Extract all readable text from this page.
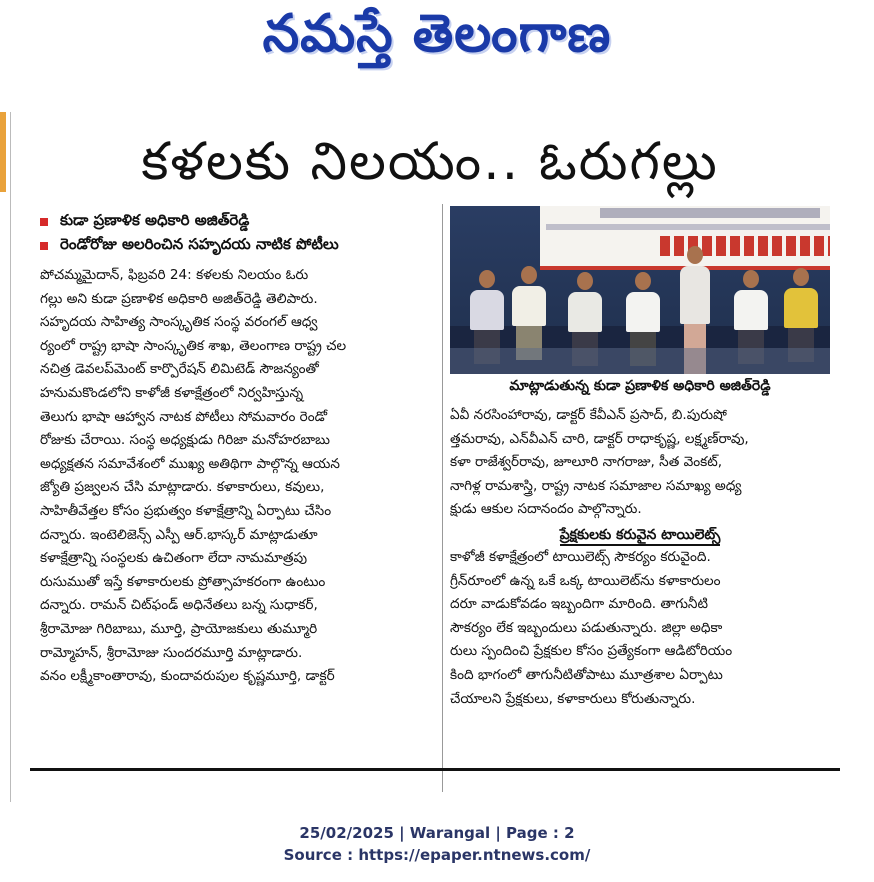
నమస్తే తెలంగాణ
కళలకు నిలయం.. ఓరుగల్లు
కుడా ప్రణాళిక అధికారి అజిత్‌రెడ్డి
రెండోరోజు అలరించిన సహృదయ నాటిక పోటీలు

పోచమ్మమైదాన్, ఫిబ్రవరి 24: కళలకు నిలయం ఓరు

గల్లు అని కుడా ప్రణాళిక అధికారి అజిత్‌రెడ్డి తెలిపారు.

సహృదయ సాహిత్య సాంస్కృతిక సంస్థ వరంగల్ ఆధ్వ

ర్యంలో రాష్ట్ర భాషా సాంస్కృతిక శాఖ, తెలంగాణ రాష్ట్ర చల

నచిత్ర డెవలప్‌మెంట్ కార్పొరేషన్ లిమిటెడ్ సౌజన్యంతో

హనుమకొండలోని కాళోజీ కళాక్షేత్రంలో నిర్వహిస్తున్న

తెలుగు భాషా ఆహ్వాన నాటక పోటీలు సోమవారం రెండో

రోజుకు చేరాయి. సంస్థ అధ్యక్షుడు గిరిజా మనోహరబాబు

అధ్యక్షతన సమావేశంలో ముఖ్య అతిథిగా పాల్గొన్న ఆయన

జ్యోతి ప్రజ్వలన చేసి మాట్లాడారు. కళాకారులు, కవులు,

సాహితీవేత్తల కోసం ప్రభుత్వం కళాక్షేత్రాన్ని ఏర్పాటు చేసిం

దన్నారు. ఇంటెలిజెన్స్ ఎస్పీ ఆర్.భాస్కర్ మాట్లాడుతూ

కళాక్షేత్రాన్ని సంస్థలకు ఉచితంగా లేదా నామమాత్రపు

రుసుముతో ఇస్తే కళాకారులకు ప్రోత్సాహకరంగా ఉంటుం

దన్నారు. రామన్ చిట్‌ఫండ్ అధినేతలు బన్న సుధాకర్,

శ్రీరామోజు గిరిబాబు, మూర్తి, ప్రాయోజకులు తుమ్మూరి

రామ్మోహన్, శ్రీరామోజు సుందరమూర్తి మాట్లాడారు.

వనం లక్ష్మీకాంతారావు, కుందావరుపుల కృష్ణమూర్తి, డాక్టర్

మాట్లాడుతున్న కుడా ప్రణాళిక అధికారి అజిత్‌రెడ్డి

ఏవీ నరసింహారావు, డాక్టర్ కేవీఎన్ ప్రసాద్, బి.పురుషో

త్తమరావు, ఎన్‌వీఎన్ చారి, డాక్టర్ రాధాకృష్ణ, లక్ష్మణ్‌రావు,

కళా రాజేశ్వర్‌రావు, జూలూరి నాగరాజు, సీత వెంకట్,

నాగిళ్ల రామశాస్త్రి, రాష్ట్ర నాటక సమాజాల సమాఖ్య అధ్య

క్షుడు ఆకుల సదానందం పాల్గొన్నారు.

ప్రేక్షకులకు కరువైన టాయిలెట్స్

కాళోజీ కళాక్షేత్రంలో టాయిలెట్స్ సౌకర్యం కరువైంది.

గ్రీన్‌రూంలో ఉన్న ఒకే ఒక్క టాయిలెట్‌ను కళాకారులం

దరూ వాడుకోవడం ఇబ్బందిగా మారింది. తాగునీటి

సౌకర్యం లేక ఇబ్బందులు పడుతున్నారు. జిల్లా అధికా

రులు స్పందించి ప్రేక్షకుల కోసం ప్రత్యేకంగా ఆడిటోరియం

కింది భాగంలో తాగునీటితోపాటు మూత్రశాల ఏర్పాటు

చేయాలని ప్రేక్షకులు, కళాకారులు కోరుతున్నారు.

25/02/2025 | Warangal | Page : 2
Source : https://epaper.ntnews.com/
